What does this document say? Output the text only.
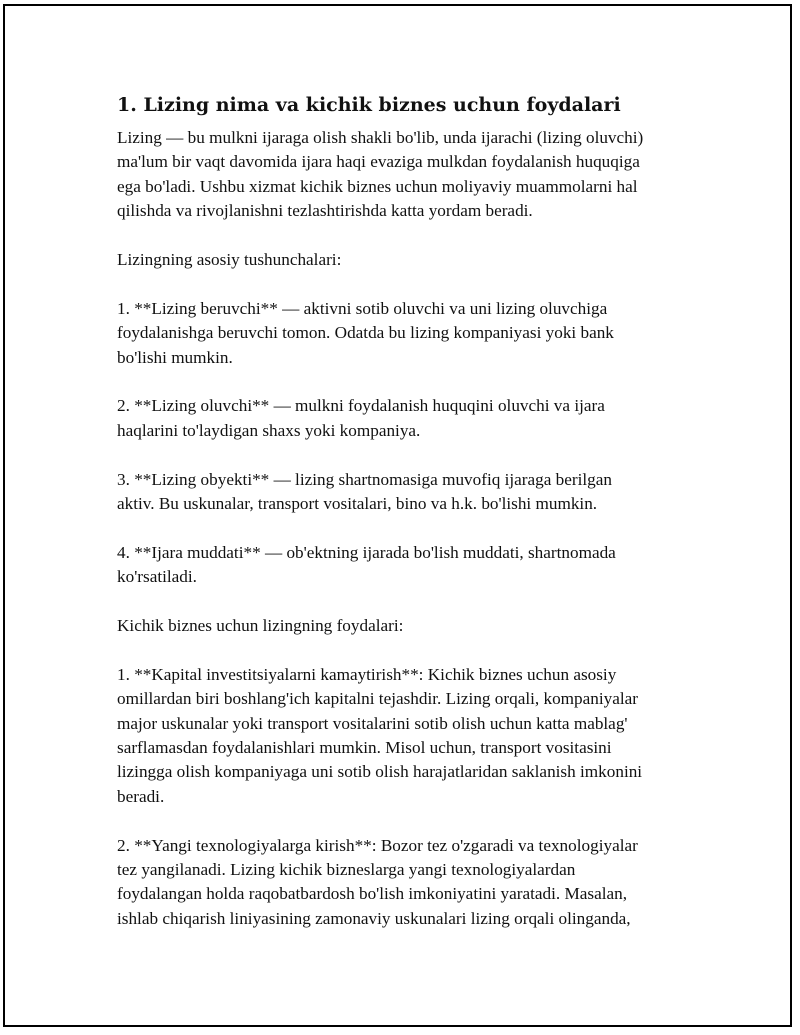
1. Lizing nima va kichik biznes uchun foydalari

Lizing — bu mulkni ijaraga olish shakli bo'lib, unda ijarachi (lizing oluvchi)
ma'lum bir vaqt davomida ijara haqi evaziga mulkdan foydalanish huquqiga
ega bo'ladi. Ushbu xizmat kichik biznes uchun moliyaviy muammolarni hal
qilishda va rivojlanishni tezlashtirishda katta yordam beradi.

Lizingning asosiy tushunchalari:

1. **Lizing beruvchi** — aktivni sotib oluvchi va uni lizing oluvchiga
foydalanishga beruvchi tomon. Odatda bu lizing kompaniyasi yoki bank
bo'lishi mumkin.

2. **Lizing oluvchi** — mulkni foydalanish huquqini oluvchi va ijara
haqlarini to'laydigan shaxs yoki kompaniya.

3. **Lizing obyekti** — lizing shartnomasiga muvofiq ijaraga berilgan
aktiv. Bu uskunalar, transport vositalari, bino va h.k. bo'lishi mumkin.

4. **Ijara muddati** — ob'ektning ijarada bo'lish muddati, shartnomada
ko'rsatiladi.

Kichik biznes uchun lizingning foydalari:

1. **Kapital investitsiyalarni kamaytirish**: Kichik biznes uchun asosiy
omillardan biri boshlang'ich kapitalni tejashdir. Lizing orqali, kompaniyalar
major uskunalar yoki transport vositalarini sotib olish uchun katta mablag'
sarflamasdan foydalanishlari mumkin. Misol uchun, transport vositasini
lizingga olish kompaniyaga uni sotib olish harajatlaridan saklanish imkonini
beradi.

2. **Yangi texnologiyalarga kirish**: Bozor tez o'zgaradi va texnologiyalar
tez yangilanadi. Lizing kichik bizneslarga yangi texnologiyalardan
foydalangan holda raqobatbardosh bo'lish imkoniyatini yaratadi. Masalan,
ishlab chiqarish liniyasining zamonaviy uskunalari lizing orqali olinganda,
